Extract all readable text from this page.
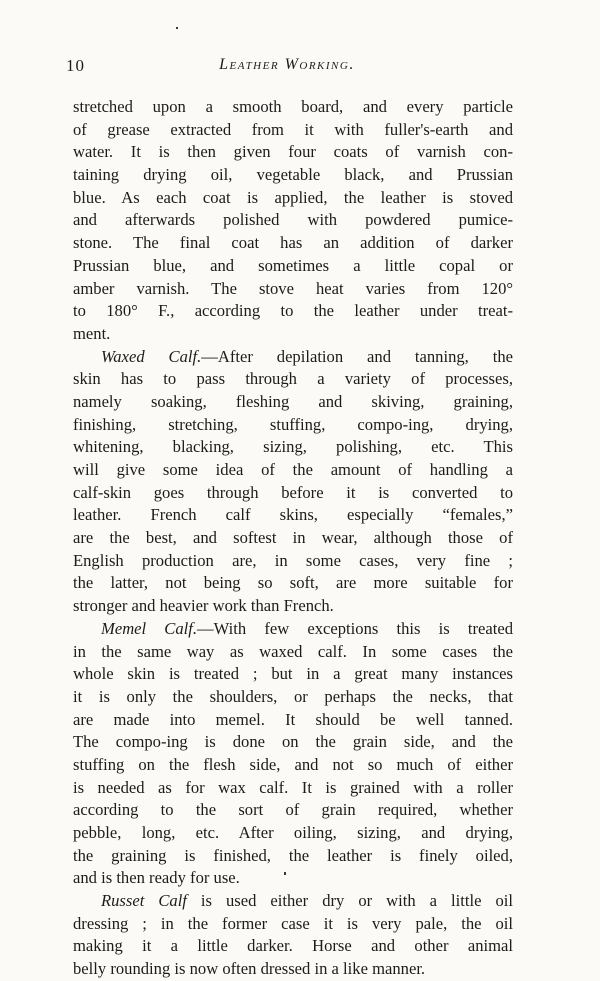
10	Leather Working.
stretched upon a smooth board, and every particle
of grease extracted from it with fuller's-earth and
water. It is then given four coats of varnish con-
taining drying oil, vegetable black, and Prussian
blue. As each coat is applied, the leather is stoved
and afterwards polished with powdered pumice-
stone. The final coat has an addition of darker
Prussian blue, and sometimes a little copal or
amber varnish. The stove heat varies from 120°
to 180° F., according to the leather under treat-
ment.
Waxed Calf.—After depilation and tanning, the
skin has to pass through a variety of processes,
namely soaking, fleshing and skiving, graining,
finishing, stretching, stuffing, compo-ing, drying,
whitening, blacking, sizing, polishing, etc. This
will give some idea of the amount of handling a
calf-skin goes through before it is converted to
leather. French calf skins, especially “females,”
are the best, and softest in wear, although those of
English production are, in some cases, very fine ;
the latter, not being so soft, are more suitable for
stronger and heavier work than French.
Memel Calf.—With few exceptions this is treated
in the same way as waxed calf. In some cases the
whole skin is treated ; but in a great many instances
it is only the shoulders, or perhaps the necks, that
are made into memel. It should be well tanned.
The compo-ing is done on the grain side, and the
stuffing on the flesh side, and not so much of either
is needed as for wax calf. It is grained with a roller
according to the sort of grain required, whether
pebble, long, etc. After oiling, sizing, and drying,
the graining is finished, the leather is finely oiled,
and is then ready for use.
Russet Calf is used either dry or with a little oil
dressing ; in the former case it is very pale, the oil
making it a little darker. Horse and other animal
belly rounding is now often dressed in a like manner.
